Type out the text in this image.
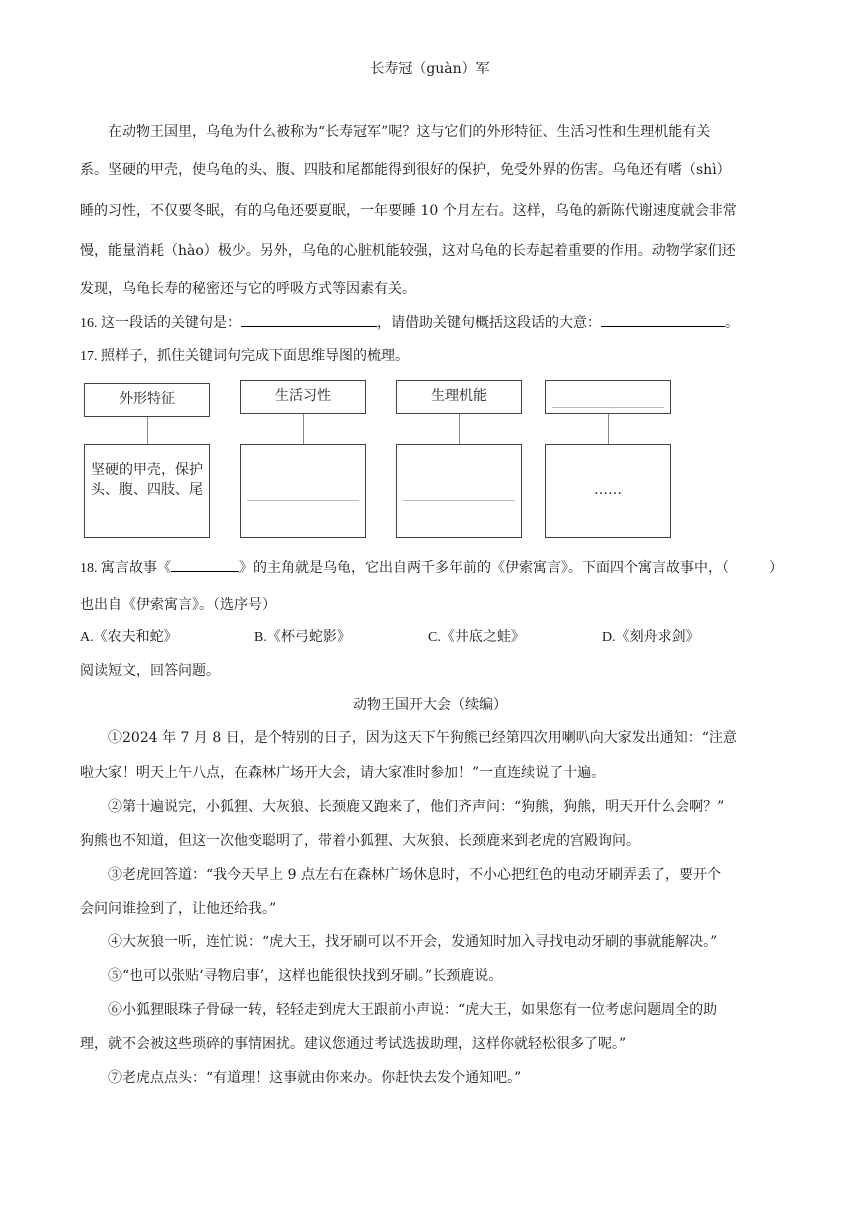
长寿冠（guàn）军
在动物王国里，乌龟为什么被称为“长寿冠军”呢？这与它们的外形特征、生活习性和生理机能有关
系。坚硬的甲壳，使乌龟的头、腹、四肢和尾都能得到很好的保护，免受外界的伤害。乌龟还有嗜（shì）
睡的习性，不仅要冬眠，有的乌龟还要夏眠，一年要睡 10 个月左右。这样，乌龟的新陈代谢速度就会非常
慢，能量消耗（hào）极少。另外，乌龟的心脏机能较强，这对乌龟的长寿起着重要的作用。动物学家们还
发现，乌龟长寿的秘密还与它的呼吸方式等因素有关。
16. 这一段话的关键句是：	，请借助关键句概括这段话的大意：	。
17. 照样子，抓住关键词句完成下面思维导图的梳理。
外形特征
坚硬的甲壳，保护头、腹、四肢、尾
生活习性	生理机能
……
18. 寓言故事《	》的主角就是乌龟，它出自两千多年前的《伊索寓言》。下面四个寓言故事中，（	）
也出自《伊索寓言》。（选序号）
A.《农夫和蛇》	B.《杯弓蛇影》	C.《井底之蛙》	D.《刻舟求剑》
阅读短文，回答问题。
动物王国开大会（续编）
①2024 年 7 月 8 日，是个特别的日子，因为这天下午狗熊已经第四次用喇叭向大家发出通知：“注意
啦大家！明天上午八点，在森林广场开大会，请大家准时参加！”一直连续说了十遍。
②第十遍说完，小狐狸、大灰狼、长颈鹿又跑来了，他们齐声问：“狗熊，狗熊，明天开什么会啊？”
狗熊也不知道，但这一次他变聪明了，带着小狐狸、大灰狼、长颈鹿来到老虎的宫殿询问。
③老虎回答道：“我今天早上 9 点左右在森林广场休息时，不小心把红色的电动牙刷弄丢了，要开个
会问问谁捡到了，让他还给我。”
④大灰狼一听，连忙说：“虎大王，找牙刷可以不开会，发通知时加入寻找电动牙刷的事就能解决。”
⑤“也可以张贴‘寻物启事’，这样也能很快找到牙刷。”长颈鹿说。
⑥小狐狸眼珠子骨碌一转，轻轻走到虎大王跟前小声说：“虎大王，如果您有一位考虑问题周全的助
理，就不会被这些琐碎的事情困扰。建议您通过考试选拔助理，这样你就轻松很多了呢。”
⑦老虎点点头：“有道理！这事就由你来办。你赶快去发个通知吧。”
